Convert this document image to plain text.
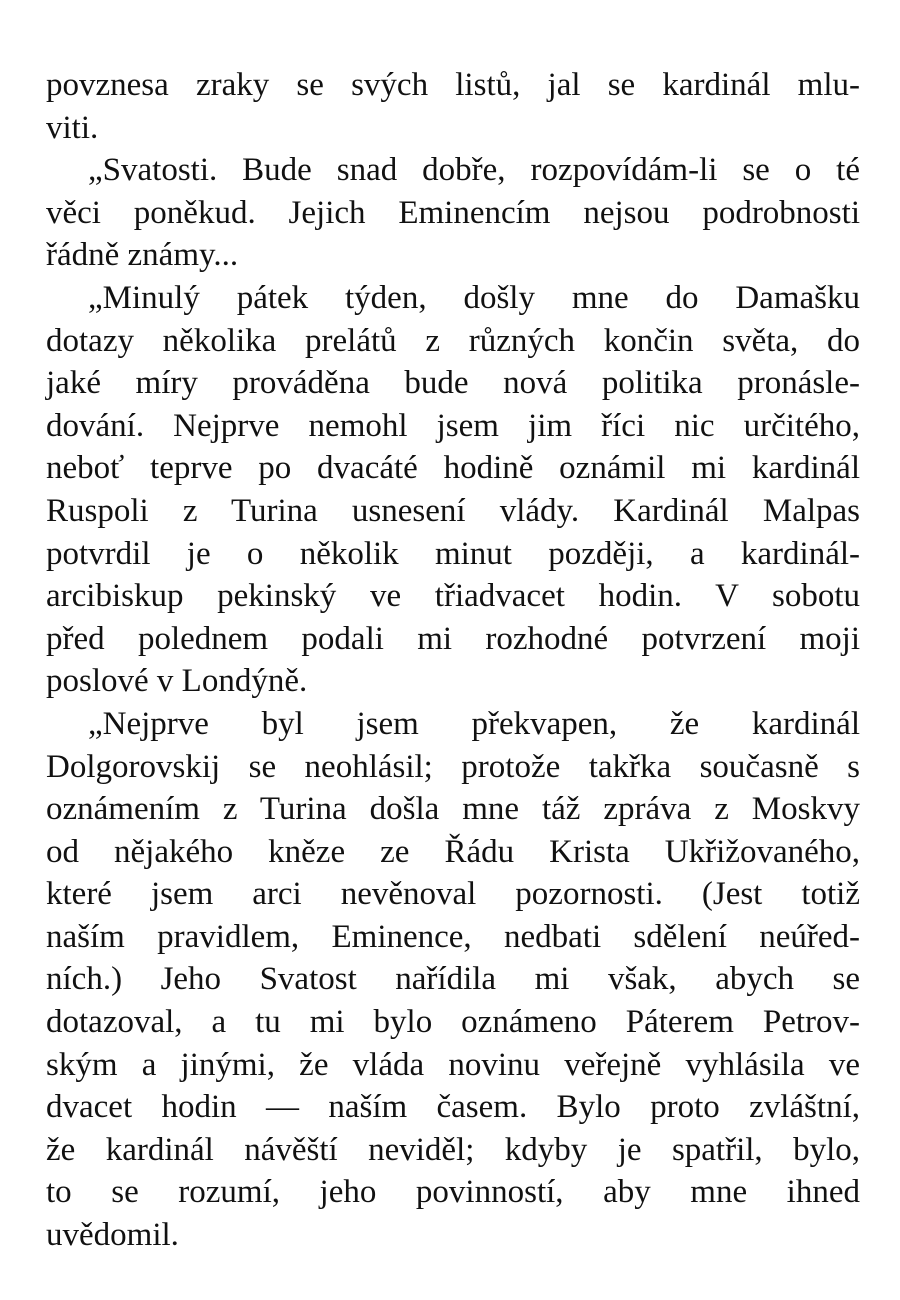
povznesa zraky se svých listů, jal se kardinál mlu-
viti.
„Svatosti. Bude snad dobře, rozpovídám-li se o té
věci poněkud. Jejich Eminencím nejsou podrobnosti
řádně známy...
„Minulý pátek týden, došly mne do Damašku
dotazy několika prelátů z různých končin světa, do
jaké míry prováděna bude nová politika pronásle-
dování. Nejprve nemohl jsem jim říci nic určitého,
neboť teprve po dvacáté hodině oznámil mi kardinál
Ruspoli z Turina usnesení vlády. Kardinál Malpas
potvrdil je o několik minut později, a kardinál-
arcibiskup pekinský ve třiadvacet hodin. V sobotu
před polednem podali mi rozhodné potvrzení moji
poslové v Londýně.
„Nejprve byl jsem překvapen, že kardinál
Dolgorovskij se neohlásil; protože takřka současně s
oznámením z Turina došla mne táž zpráva z Moskvy
od nějakého kněze ze Řádu Krista Ukřižovaného,
které jsem arci nevěnoval pozornosti. (Jest totiž
naším pravidlem, Eminence, nedbati sdělení neúřed-
ních.) Jeho Svatost nařídila mi však, abych se
dotazoval, a tu mi bylo oznámeno Páterem Petrov-
ským a jinými, že vláda novinu veřejně vyhlásila ve
dvacet hodin — naším časem. Bylo proto zvláštní,
že kardinál návěští neviděl; kdyby je spatřil, bylo,
to se rozumí, jeho povinností, aby mne ihned
uvědomil.
